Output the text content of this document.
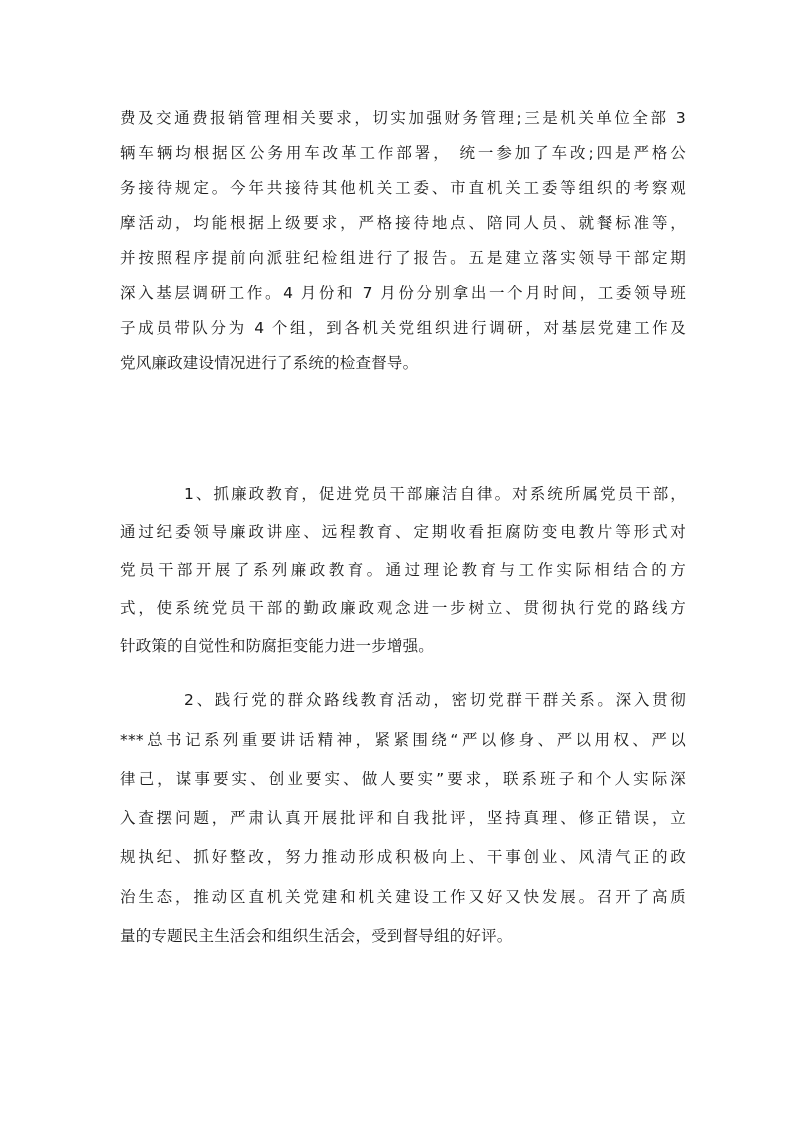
费及交通费报销管理相关要求，切实加强财务管理;三是机关单位全部 3
辆车辆均根据区公务用车改革工作部署， 统一参加了车改;四是严格公
务接待规定。今年共接待其他机关工委、市直机关工委等组织的考察观
摩活动，均能根据上级要求，严格接待地点、陪同人员、就餐标准等，
并按照程序提前向派驻纪检组进行了报告。五是建立落实领导干部定期
深入基层调研工作。4 月份和 7 月份分别拿出一个月时间，工委领导班
子成员带队分为 4 个组，到各机关党组织进行调研，对基层党建工作及
党风廉政建设情况进行了系统的检查督导。
1、抓廉政教育，促进党员干部廉洁自律。对系统所属党员干部，
通过纪委领导廉政讲座、远程教育、定期收看拒腐防变电教片等形式对
党员干部开展了系列廉政教育。通过理论教育与工作实际相结合的方
式，使系统党员干部的勤政廉政观念进一步树立、贯彻执行党的路线方
针政策的自觉性和防腐拒变能力进一步增强。
2、践行党的群众路线教育活动，密切党群干群关系。深入贯彻
***总书记系列重要讲话精神，紧紧围绕“严以修身、严以用权、严以
律己，谋事要实、创业要实、做人要实”要求，联系班子和个人实际深
入查摆问题，严肃认真开展批评和自我批评，坚持真理、修正错误，立
规执纪、抓好整改，努力推动形成积极向上、干事创业、风清气正的政
治生态，推动区直机关党建和机关建设工作又好又快发展。召开了高质
量的专题民主生活会和组织生活会，受到督导组的好评。
